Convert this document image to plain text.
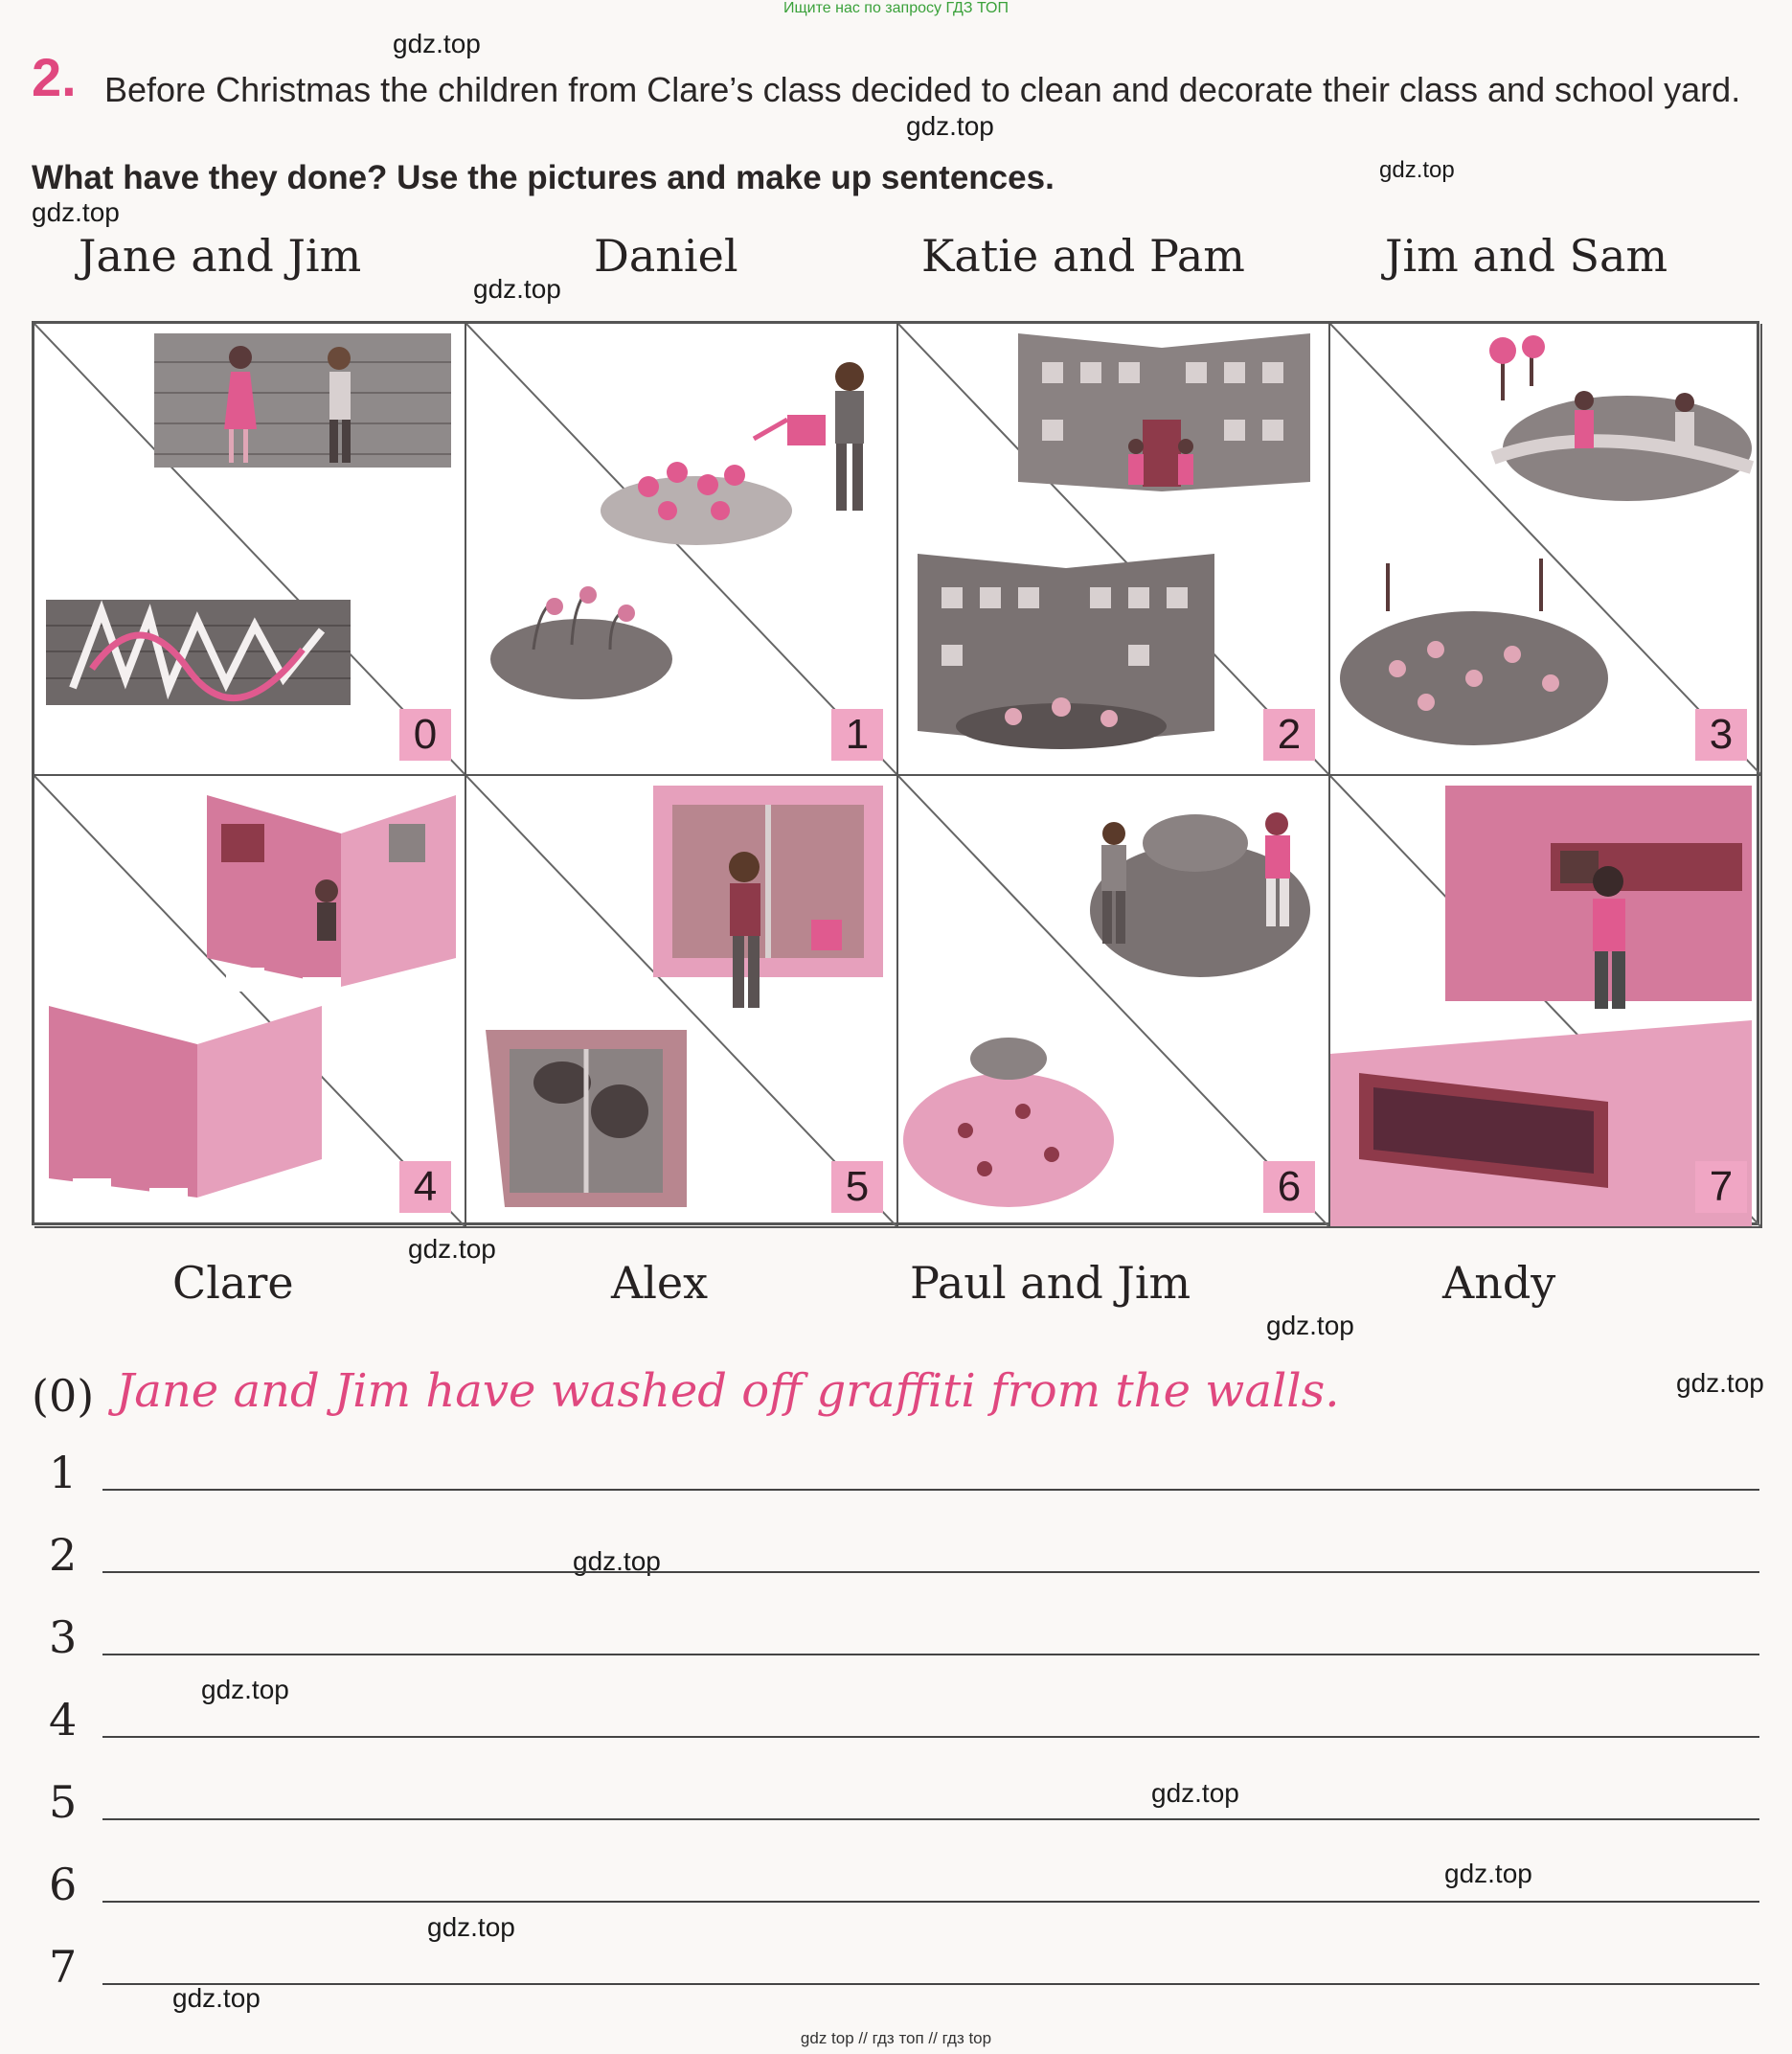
Ищите нас по запросу ГДЗ ТОП
2. Before Christmas the children from Clare’s class decided to clean and decorate their class and school yard.
What have they done? Use the pictures and make up sentences.
gdz.top
gdz.top
gdz.top
gdz.top
gdz.top
gdz.top
gdz.top
gdz.top
gdz.top
gdz.top
gdz.top
gdz.top
gdz.top
gdz.top
Jane and Jim	Daniel	Katie and Pam	Jim and Sam
0	1	2	3
4	5	6	7
Clare	Alex	Paul and Jim	Andy
(0) Jane and Jim have washed off graffiti from the walls.
1
2
3
4
5
6
7
gdz top // гдз топ // гдз top
